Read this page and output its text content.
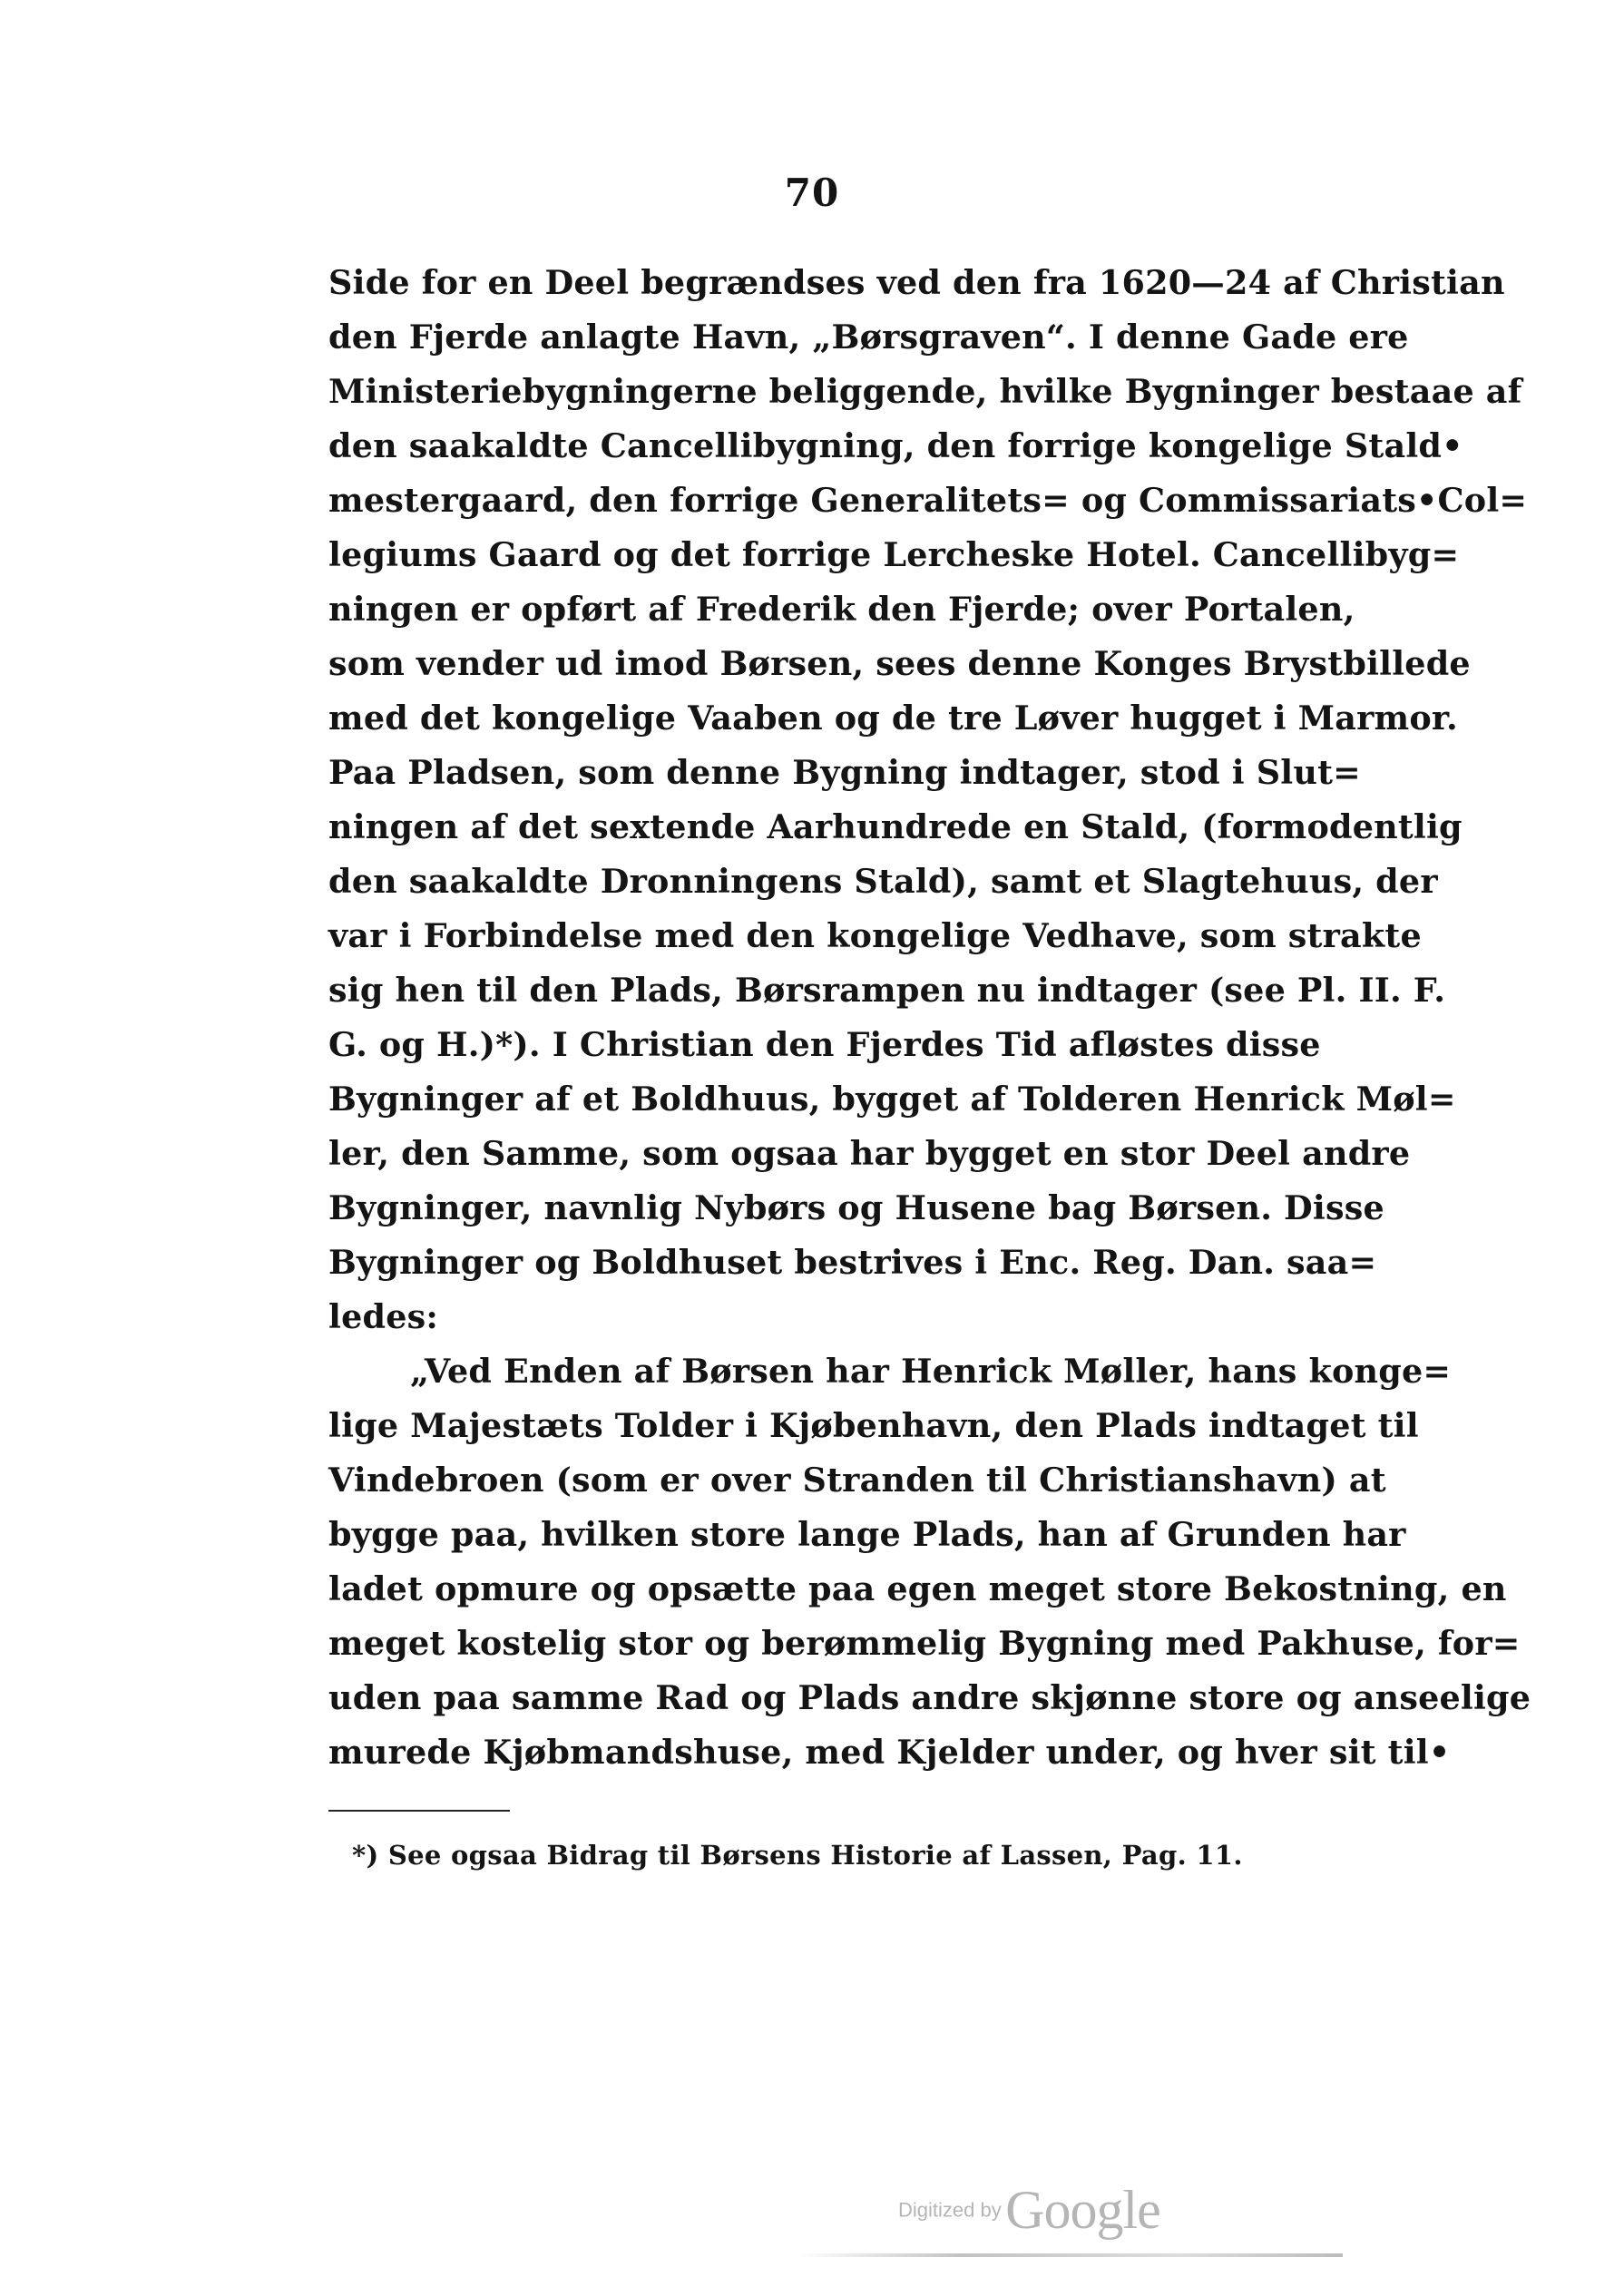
70
Side for en Deel begrændses ved den fra 1620—24 af Christian
den Fjerde anlagte Havn, „Børsgraven“. I denne Gade ere
Ministeriebygningerne beliggende, hvilke Bygninger bestaae af
den saakaldte Cancellibygning, den forrige kongelige Stald•
mestergaard, den forrige Generalitets= og Commissariats•Col=
legiums Gaard og det forrige Lercheske Hotel. Cancellibyg=
ningen er opført af Frederik den Fjerde; over Portalen,
som vender ud imod Børsen, sees denne Konges Brystbillede
med det kongelige Vaaben og de tre Løver hugget i Marmor.
Paa Pladsen, som denne Bygning indtager, stod i Slut=
ningen af det sextende Aarhundrede en Stald, (formodentlig
den saakaldte Dronningens Stald), samt et Slagtehuus, der
var i Forbindelse med den kongelige Vedhave, som strakte
sig hen til den Plads, Børsrampen nu indtager (see Pl. II. F.
G. og H.)*). I Christian den Fjerdes Tid afløstes disse
Bygninger af et Boldhuus, bygget af Tolderen Henrick Møl=
ler, den Samme, som ogsaa har bygget en stor Deel andre
Bygninger, navnlig Nybørs og Husene bag Børsen. Disse
Bygninger og Boldhuset bestrives i Enc. Reg. Dan. saa=
ledes:
„Ved Enden af Børsen har Henrick Møller, hans konge=
lige Majestæts Tolder i Kjøbenhavn, den Plads indtaget til
Vindebroen (som er over Stranden til Christianshavn) at
bygge paa, hvilken store lange Plads, han af Grunden har
ladet opmure og opsætte paa egen meget store Bekostning, en
meget kostelig stor og berømmelig Bygning med Pakhuse, for=
uden paa samme Rad og Plads andre skjønne store og anseelige
murede Kjøbmandshuse, med Kjelder under, og hver sit til•
*) See ogsaa Bidrag til Børsens Historie af Lassen, Pag. 11.
Digitized by Google
